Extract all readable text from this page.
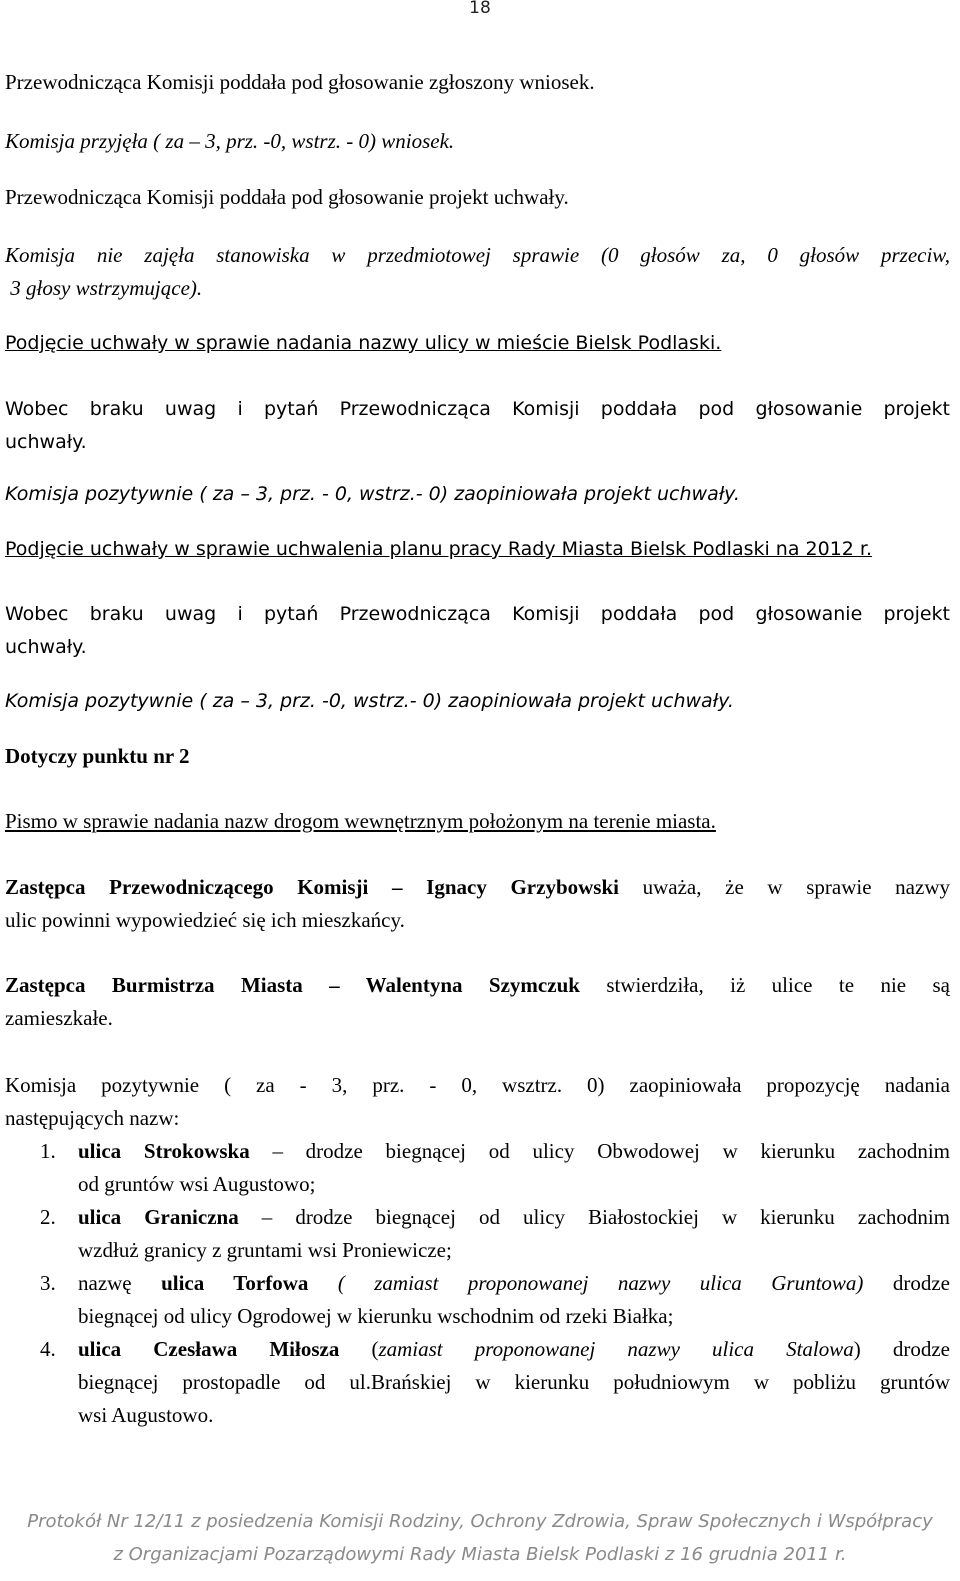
18

Przewodnicząca Komisji poddała pod głosowanie zgłoszony wniosek.

Komisja przyjęła ( za – 3, prz. -0, wstrz. - 0) wniosek.

Przewodnicząca Komisji poddała pod głosowanie projekt uchwały.

Komisja nie zajęła stanowiska w przedmiotowej sprawie (0 głosów za, 0 głosów przeciw,

3 głosy wstrzymujące).

Podjęcie uchwały w sprawie nadania nazwy ulicy w mieście Bielsk Podlaski.

Wobec braku uwag i pytań Przewodnicząca Komisji poddała pod głosowanie projekt

uchwały.

Komisja pozytywnie ( za – 3, prz. - 0, wstrz.- 0) zaopiniowała projekt uchwały.

Podjęcie uchwały w sprawie uchwalenia planu pracy Rady Miasta Bielsk Podlaski na 2012 r.

Wobec braku uwag i pytań Przewodnicząca Komisji poddała pod głosowanie projekt

uchwały.

Komisja pozytywnie ( za – 3, prz. -0, wstrz.- 0) zaopiniowała projekt uchwały.

Dotyczy punktu nr 2

Pismo w sprawie nadania nazw drogom wewnętrznym położonym na terenie miasta.

Zastępca Przewodniczącego Komisji – Ignacy Grzybowski uważa, że w sprawie nazwy

ulic powinni wypowiedzieć się ich mieszkańcy.

Zastępca Burmistrza Miasta – Walentyna Szymczuk stwierdziła, iż ulice te nie są

zamieszkałe.

Komisja pozytywnie ( za - 3, prz. - 0, wsztrz. 0) zaopiniowała propozycję nadania

następujących nazw:

1. ulica Strokowska – drodze biegnącej od ulicy Obwodowej w kierunku zachodnim
od gruntów wsi Augustowo;
2. ulica Graniczna – drodze biegnącej od ulicy Białostockiej w kierunku zachodnim
wzdłuż granicy z gruntami wsi Proniewicze;
3. nazwę ulica Torfowa ( zamiast proponowanej nazwy ulica Gruntowa) drodze
biegnącej od ulicy Ogrodowej w kierunku wschodnim od rzeki Białka;
4. ulica Czesława Miłosza (zamiast proponowanej nazwy ulica Stalowa) drodze
biegnącej prostopadle od ul.Brańskiej w kierunku południowym w pobliżu gruntów
wsi Augustowo.
Protokół Nr 12/11 z posiedzenia Komisji Rodziny, Ochrony Zdrowia, Spraw Społecznych i Współpracy
z Organizacjami Pozarządowymi Rady Miasta Bielsk Podlaski z 16 grudnia 2011 r.
